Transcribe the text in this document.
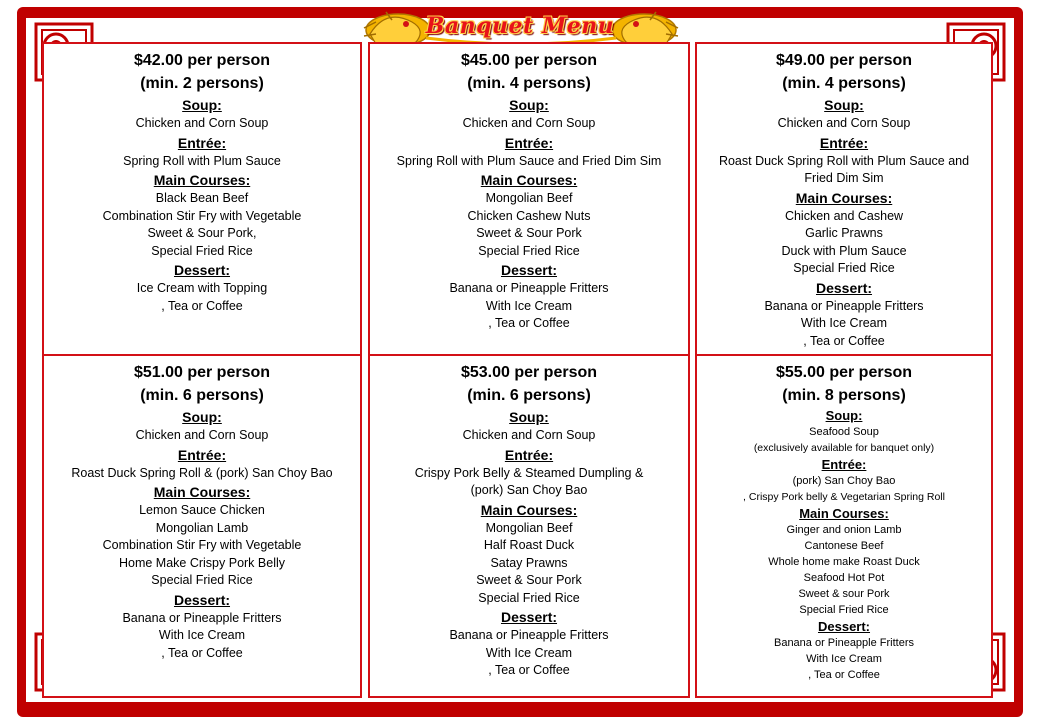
Banquet Menu
$42.00 per person
(min. 2 persons)
Soup:
Chicken and Corn Soup
Entrée:
Spring Roll with Plum Sauce
Main Courses:
Black Bean Beef
Combination Stir Fry with Vegetable
Sweet & Sour Pork,
Special Fried Rice
Dessert:
Ice Cream with Topping
, Tea or Coffee
$45.00 per person
(min. 4 persons)
Soup:
Chicken and Corn Soup
Entrée:
Spring Roll with Plum Sauce and Fried Dim Sim
Main Courses:
Mongolian Beef
Chicken Cashew Nuts
Sweet & Sour Pork
Special Fried Rice
Dessert:
Banana or Pineapple Fritters
With Ice Cream
, Tea or Coffee
$49.00 per person
(min. 4 persons)
Soup:
Chicken and Corn Soup
Entrée:
Roast Duck Spring Roll with Plum Sauce and
Fried Dim Sim
Main Courses:
Chicken and Cashew
Garlic Prawns
Duck with Plum Sauce
Special Fried Rice
Dessert:
Banana or Pineapple Fritters
With Ice Cream
, Tea or Coffee
$51.00 per person
(min. 6 persons)
Soup:
Chicken and Corn Soup
Entrée:
Roast Duck Spring Roll & (pork) San Choy Bao
Main Courses:
Lemon Sauce Chicken
Mongolian Lamb
Combination Stir Fry with Vegetable
Home Make Crispy Pork Belly
Special Fried Rice
Dessert:
Banana or Pineapple Fritters
With Ice Cream
, Tea or Coffee
$53.00 per person
(min. 6 persons)
Soup:
Chicken and Corn Soup
Entrée:
Crispy Pork Belly & Steamed Dumpling &
(pork) San Choy Bao
Main Courses:
Mongolian Beef
Half Roast Duck
Satay Prawns
Sweet & Sour Pork
Special Fried Rice
Dessert:
Banana or Pineapple Fritters
With Ice Cream
, Tea or Coffee
$55.00 per person
(min. 8 persons)
Soup:
Seafood Soup
(exclusively available for banquet only)
Entrée:
(pork) San Choy Bao
, Crispy Pork belly & Vegetarian Spring Roll
Main Courses:
Ginger and onion Lamb
Cantonese Beef
Whole home make Roast Duck
Seafood Hot Pot
Sweet & sour Pork
Special Fried Rice
Dessert:
Banana or Pineapple Fritters
With Ice Cream
, Tea or Coffee
